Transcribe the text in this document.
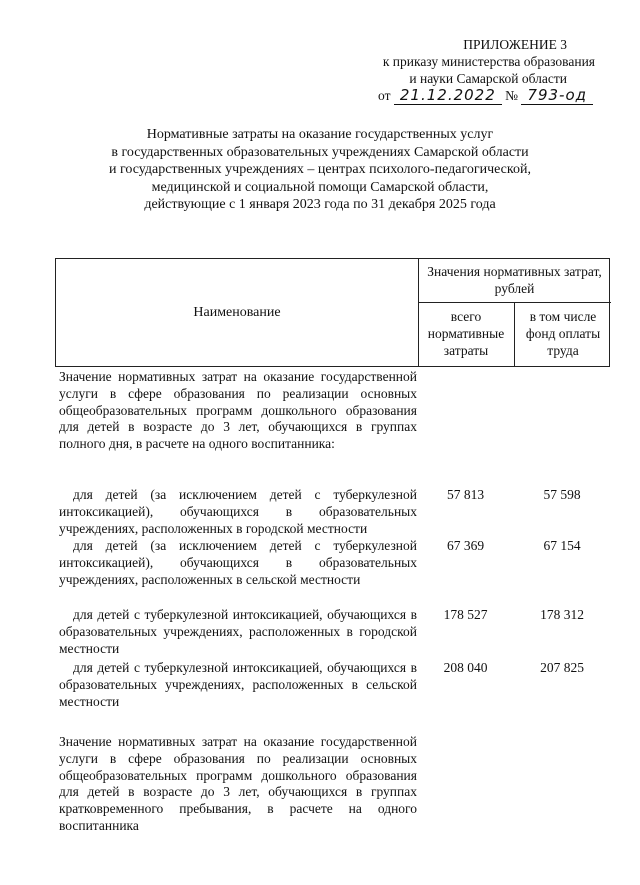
ПРИЛОЖЕНИЕ 3
к приказу министерства образования
и науки Самарской области
от 21.12.2022 № 793-од
Нормативные затраты на оказание государственных услуг
в государственных образовательных учреждениях Самарской области
и государственных учреждениях – центрах психолого-педагогической,
медицинской и социальной помощи Самарской области,
действующие с 1 января 2023 года по 31 декабря 2025 года
Наименование
Значения нормативных затрат, рублей
всего нормативные затраты
в том числе фонд оплаты труда
Значение нормативных затрат на оказание государственной услуги в сфере образования по реализации основных общеобразовательных программ дошкольного образования для детей в возрасте до 3 лет, обучающихся в группах полного дня, в расчете на одного воспитанника:
для детей (за исключением детей с туберкулезной интоксикацией), обучающихся в образовательных учреждениях, расположенных в городской местности
57 813	57 598
для детей (за исключением детей с туберкулезной интоксикацией), обучающихся в образовательных учреждениях, расположенных в сельской местности
67 369	67 154
для детей с туберкулезной интоксикацией, обучающихся в образовательных учреждениях, расположенных в городской местности
178 527	178 312
для детей с туберкулезной интоксикацией, обучающихся в образовательных учреждениях, расположенных в сельской местности
208 040	207 825
Значение нормативных затрат на оказание государственной услуги в сфере образования по реализации основных общеобразовательных программ дошкольного образования для детей в возрасте до 3 лет, обучающихся в группах кратковременного пребывания, в расчете на одного воспитанника
